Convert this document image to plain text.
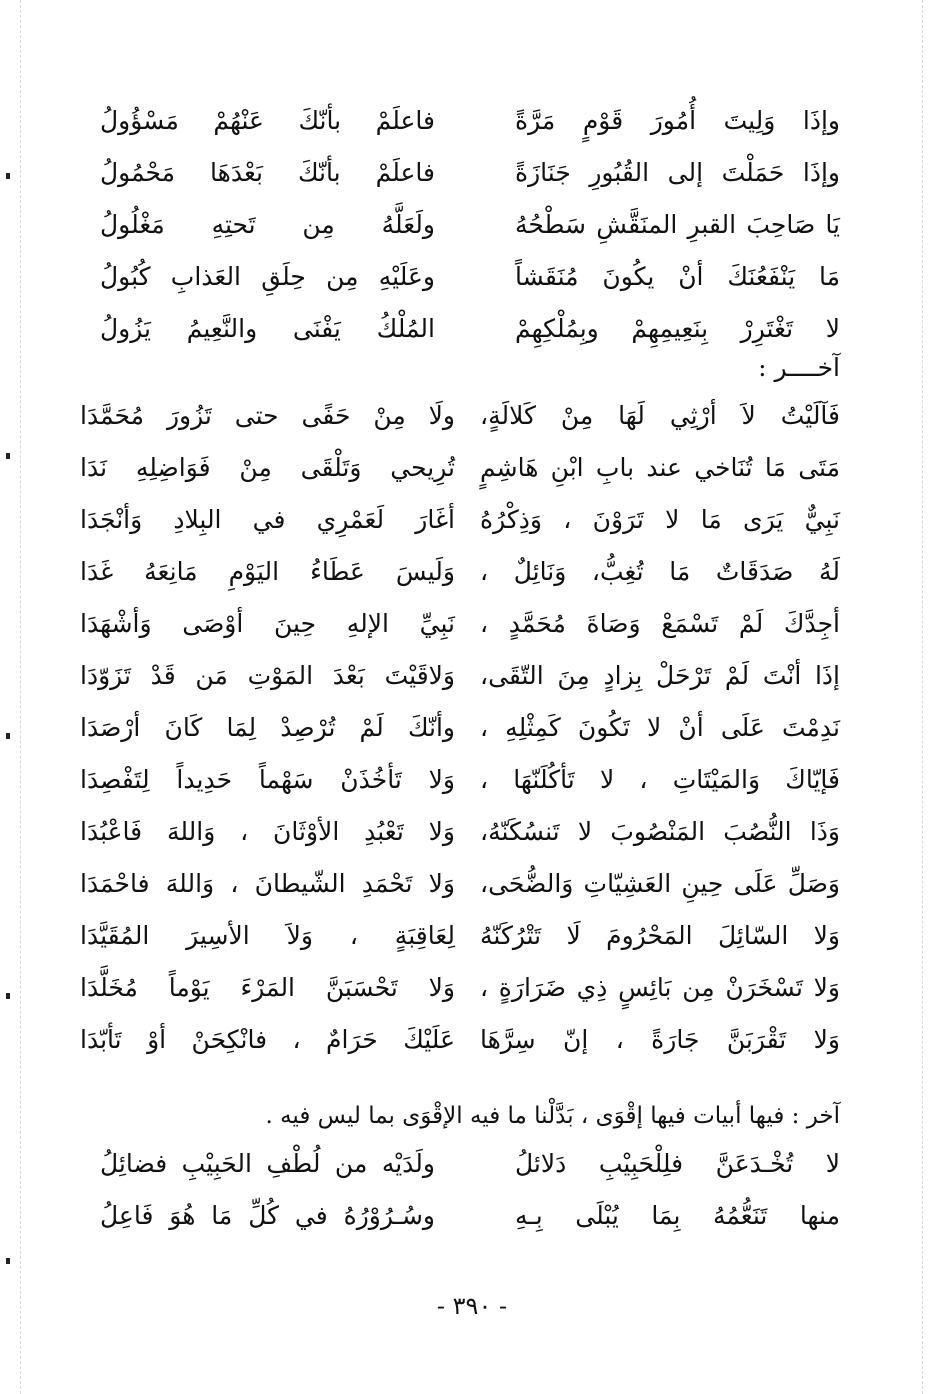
وإذَا وَلِيتَ أُمُورَ قَوْمٍ مَرَّةً
فاعلَمْ بأنّكَ عَنْهُمْ مَسْؤُولُ
وإذَا حَمَلْتَ إلى القُبُورِ جَنَازَةً
فاعلَمْ بأنّكَ بَعْدَهَا مَحْمُولُ
يَا صَاحِبَ القبرِ المنَقَّشِ سَطْحُهُ
ولَعَلَّهُ مِن تَحتِهِ مَغْلُولُ
مَا يَنْفَعُنَكَ أنْ يكُونَ مُنَقَشاً
وعَلَيْهِ مِن حِلَقِ العَذابِ كُبُولُ
لا تَغْتَرِرْ بِنَعِيمِهِمْ وبِمُلْكِهِمْ
المُلْكُ يَفْنَى والنَّعِيمُ يَزُولُ
آخــــر :
فَآلَيْتُ لاَ أرْثِي لَهَا مِنْ كَلالَةٍ،
ولَا مِنْ حَفًى حتى تَزُورَ مُحَمَّدَا
مَتَى مَا تُنَاخي عند بابِ ابْنِ هَاشِمٍ
تُرِيحي وَتَلْقَى مِنْ فَوَاضِلِهِ نَدَا
نَبِيٌّ يَرَى مَا لا تَرَوْنَ ، وَذِكْرُهُ
أغَارَ لَعَمْرِي في البِلادِ وَأنْجَدَا
لَهُ صَدَقَاتٌ مَا تُغِبُّ، وَنَائِلٌ ،
وَلَيسَ عَطَاءُ اليَوْمِ مَانِعَهُ غَدَا
أجِدَّكَ لَمْ تَسْمَعْ وَصَاةَ مُحَمَّدٍ ،
نَبِيِّ الإلهِ حِينَ أوْصَى وَأشْهَدَا
إذَا أنْتَ لَمْ تَرْحَلْ بِزادٍ مِنَ التّقَى،
وَلاقَيْتَ بَعْدَ المَوْتِ مَن قَدْ تَزَوّدَا
نَدِمْتَ عَلَى أنْ لا تَكُونَ كَمِثْلِهِ ،
وأنّكَ لَمْ تُرْصِدْ لِمَا كَانَ أرْصَدَا
فَإيّاكَ وَالمَيْتَاتِ ، لا تَأكُلَنّهَا ،
وَلا تَأخُذَنْ سَهْماً حَدِيداً لِتَفْصِدَا
وَذَا النُّصُبَ المَنْصُوبَ لا تَنسُكَنّهُ،
وَلا تَعْبُدِ الأوْثَانَ ، وَاللهَ فَاعْبُدَا
وَصَلِّ عَلَى حِينِ العَشِيّاتِ وَالضُّحَى،
وَلا تَحْمَدِ الشّيطانَ ، وَاللهَ فاحْمَدَا
وَلا السّائِلَ المَحْرُومَ لَا تَتْرُكَنّهُ
لِعَاقِبَةٍ ، وَلاَ الأسِيرَ المُقَيَّدَا
وَلا تَسْخَرَنْ مِن بَائِسٍ ذِي ضَرَارَةٍ ،
وَلا تَحْسَبَنَّ المَرْءَ يَوْماً مُخَلَّدَا
وَلا تَقْرَبَنَّ جَارَةً ، إنّ سِرَّهَا
عَلَيْكَ حَرَامٌ ، فانْكِحَنْ أوْ تَأبّدَا
آخر : فيها أبيات فيها إقْوَى ، بَدَّلْنا ما فيه الإقْوَى بما ليس فيه .
لا تُخْـدَعَنَّ فلِلْحَبِيْبِ دَلائلُ
ولَدَيْه من لُطْفِ الحَبِيْبِ فضائِلُ
منها تَنَعُّمُهُ بِمَا يُبْلَى بِـهِ
وسُـرُوْرُهُ في كُلِّ مَا هُوَ فَاعِلُ
- ٣٩٠ -
